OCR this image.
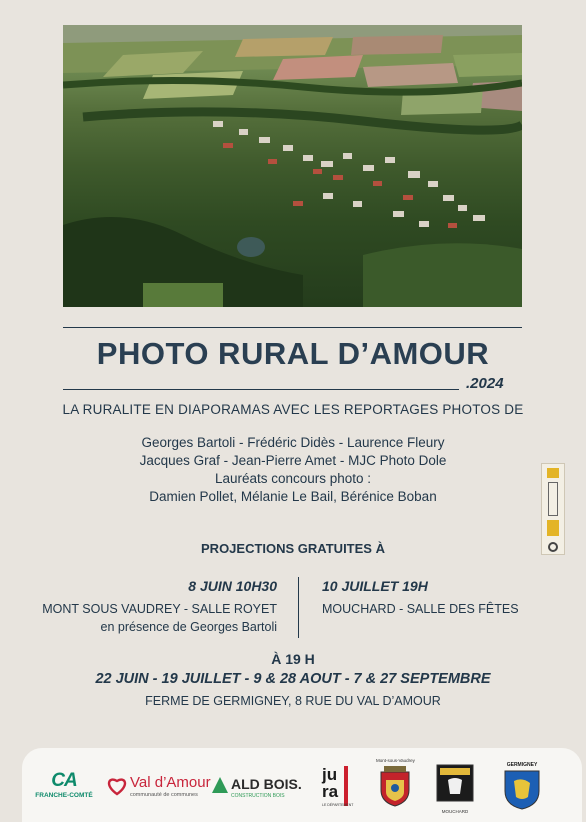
PHOTO RURAL D’AMOUR
.2024
LA RURALITE EN DIAPORAMAS AVEC LES REPORTAGES PHOTOS DE
Georges Bartoli - Frédéric Didès - Laurence Fleury
Jacques Graf - Jean-Pierre Amet - MJC Photo Dole
Lauréats concours photo :
Damien Pollet, Mélanie Le Bail, Bérénice Boban
PROJECTIONS GRATUITES À
8 JUIN 10H30
MONT SOUS VAUDREY - SALLE ROYET
en présence de Georges Bartoli
10 JUILLET 19H
MOUCHARD - SALLE DES FÊTES
À 19 H
22 JUIN - 19 JUILLET - 9 & 28 AOUT - 7 & 27 SEPTEMBRE
FERME DE GERMIGNEY, 8 RUE DU VAL D’AMOUR
CA
FRANCHE-COMTÉ
Val d’Amour
communauté de communes
ALD BOIS.
CONSTRUCTION BOIS
jura
LE DÉPARTEMENT
Mont-sous-Vaudrey
MOUCHARD
GERMIGNEY
